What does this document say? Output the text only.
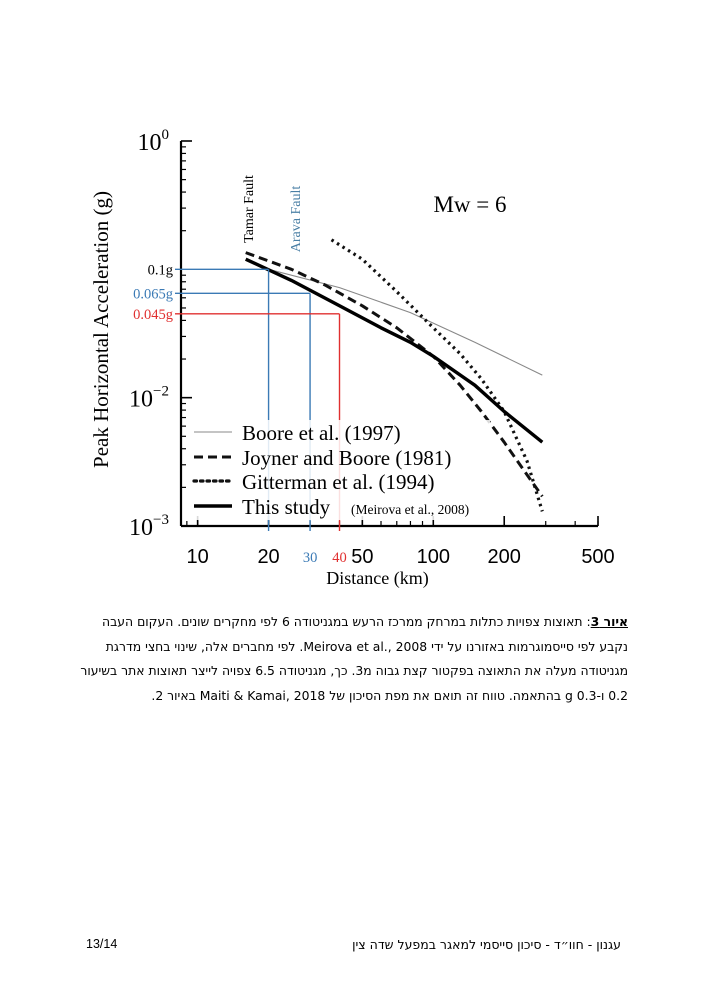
$10^0$
$10^{-2}$
$10^{-3}$
10 20	50 100 200	500
Distance (km)
Peak Horizontal Acceleration (g)	Mw = 6
0.1g
0.065g
30
0.045g
40
Tamar Fault Arava Fault
Boore et al. (1997)
Joyner and Boore (1981)
Gitterman et al. (1994)
This study (Meirova et al., 2008)
איור 3: תאוצות צפויות כתלות במרחק ממרכז הרעש במגניטודה 6 לפי מחקרים שונים. העקום העבה נקבע לפי סייסמוגרמות באזורנו על ידי Meirova et al., 2008. לפי מחברים אלה, שינוי בחצי מדרגת מגניטודה מעלה את התאוצה בפקטור קצת גבוה מ3. כך, מגניטודה 6.5 צפויה לייצר תאוצות אתר בשיעור 0.2 ו-0.3 g בהתאמה. טווח זה תואם את מפת הסיכון של Maiti & Kamai, 2018 באיור 2.
13/14	עגנון - חוו״ד - סיכון סייסמי למאגר במפעל שדה צין
